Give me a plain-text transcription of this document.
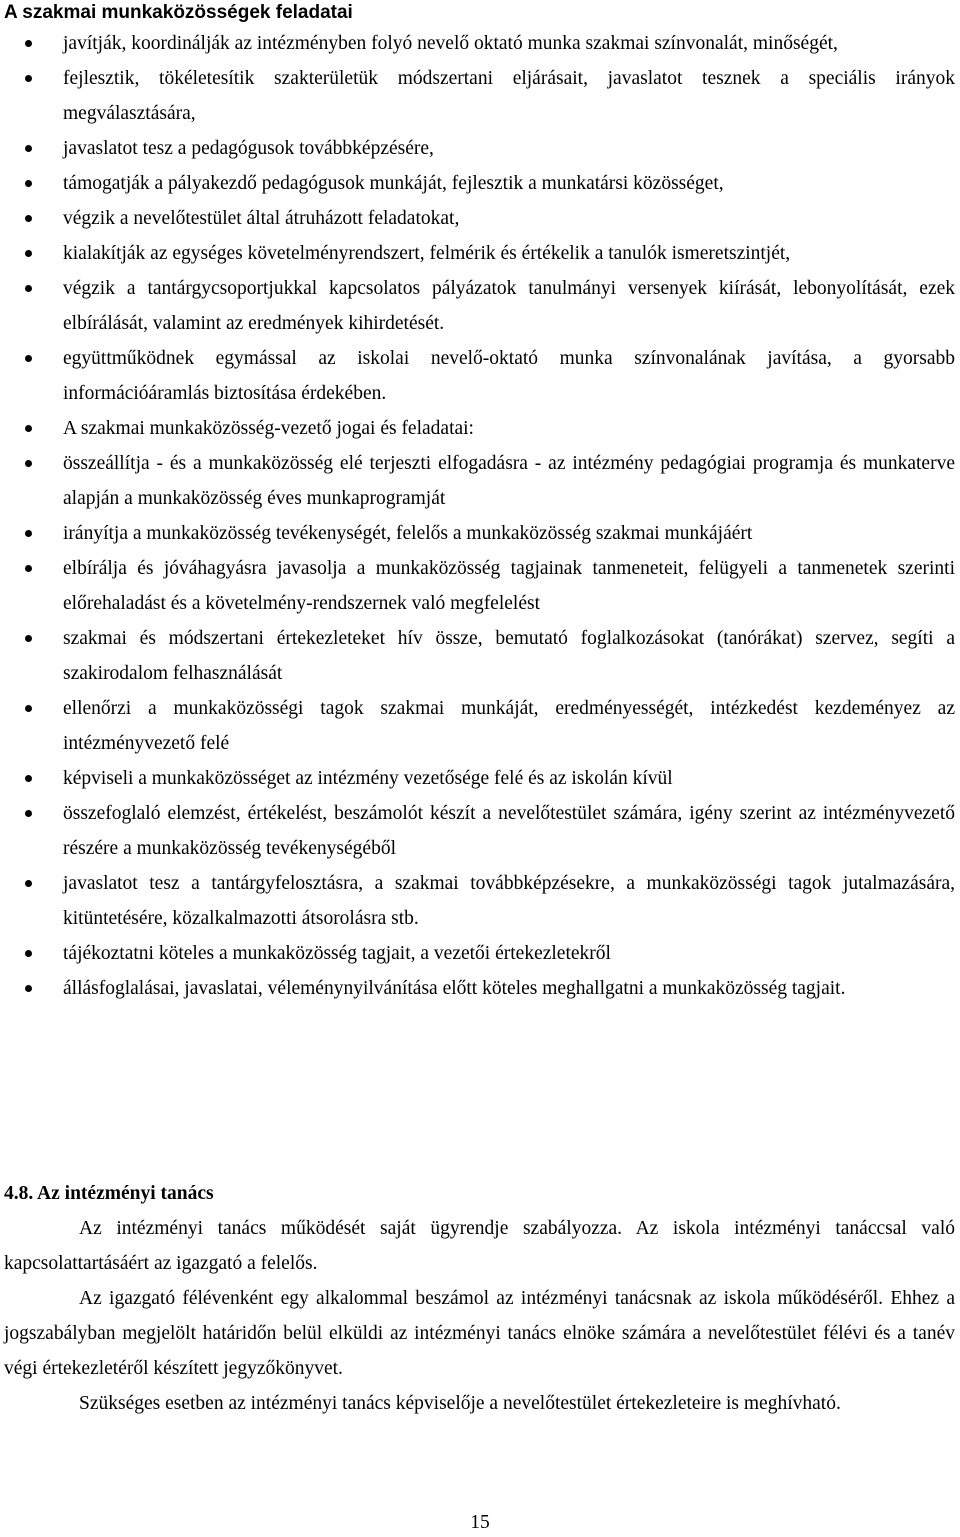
A szakmai munkaközösségek feladatai
javítják, koordinálják az intézményben folyó nevelő oktató munka szakmai színvonalát, minőségét,
fejlesztik, tökéletesítik szakterületük módszertani eljárásait, javaslatot tesznek a speciális irányok megválasztására,
javaslatot tesz a pedagógusok továbbképzésére,
támogatják a pályakezdő pedagógusok munkáját, fejlesztik a munkatársi közösséget,
végzik a nevelőtestület által átruházott feladatokat,
kialakítják az egységes követelményrendszert, felmérik és értékelik a tanulók ismeretszintjét,
végzik a tantárgycsoportjukkal kapcsolatos pályázatok tanulmányi versenyek kiírását, lebonyolítását, ezek elbírálását, valamint az eredmények kihirdetését.
együttműködnek egymással az iskolai nevelő-oktató munka színvonalának javítása, a gyorsabb információáramlás biztosítása érdekében.
A szakmai munkaközösség-vezető jogai és feladatai:
összeállítja - és a munkaközösség elé terjeszti elfogadásra - az intézmény pedagógiai programja és munkaterve alapján a munkaközösség éves munkaprogramját
irányítja a munkaközösség tevékenységét, felelős a munkaközösség szakmai munkájáért
elbírálja és jóváhagyásra javasolja a munkaközösség tagjainak tanmeneteit, felügyeli a tanmenetek szerinti előrehaladást és a követelmény-rendszernek való megfelelést
szakmai és módszertani értekezleteket hív össze, bemutató foglalkozásokat (tanórákat) szervez, segíti a szakirodalom felhasználását
ellenőrzi a munkaközösségi tagok szakmai munkáját, eredményességét, intézkedést kezdeményez az intézményvezető felé
képviseli a munkaközösséget az intézmény vezetősége felé és az iskolán kívül
összefoglaló elemzést, értékelést, beszámolót készít a nevelőtestület számára, igény szerint az intézményvezető részére a munkaközösség tevékenységéből
javaslatot tesz a tantárgyfelosztásra, a szakmai továbbképzésekre, a munkaközösségi tagok jutalmazására, kitüntetésére, közalkalmazotti átsorolásra stb.
tájékoztatni köteles a munkaközösség tagjait, a vezetői értekezletekről
állásfoglalásai, javaslatai, véleménynyilvánítása előtt köteles meghallgatni a munkaközösség tagjait.

4.8. Az intézményi tanács

Az intézményi tanács működését saját ügyrendje szabályozza. Az iskola intézményi tanáccsal való kapcsolattartásáért az igazgató a felelős.

Az igazgató félévenként egy alkalommal beszámol az intézményi tanácsnak az iskola működéséről. Ehhez a jogszabályban megjelölt határidőn belül elküldi az intézményi tanács elnöke számára a nevelőtestület félévi és a tanév végi értekezletéről készített jegyzőkönyvet.

Szükséges esetben az intézményi tanács képviselője a nevelőtestület értekezleteire is meghívható.

15
